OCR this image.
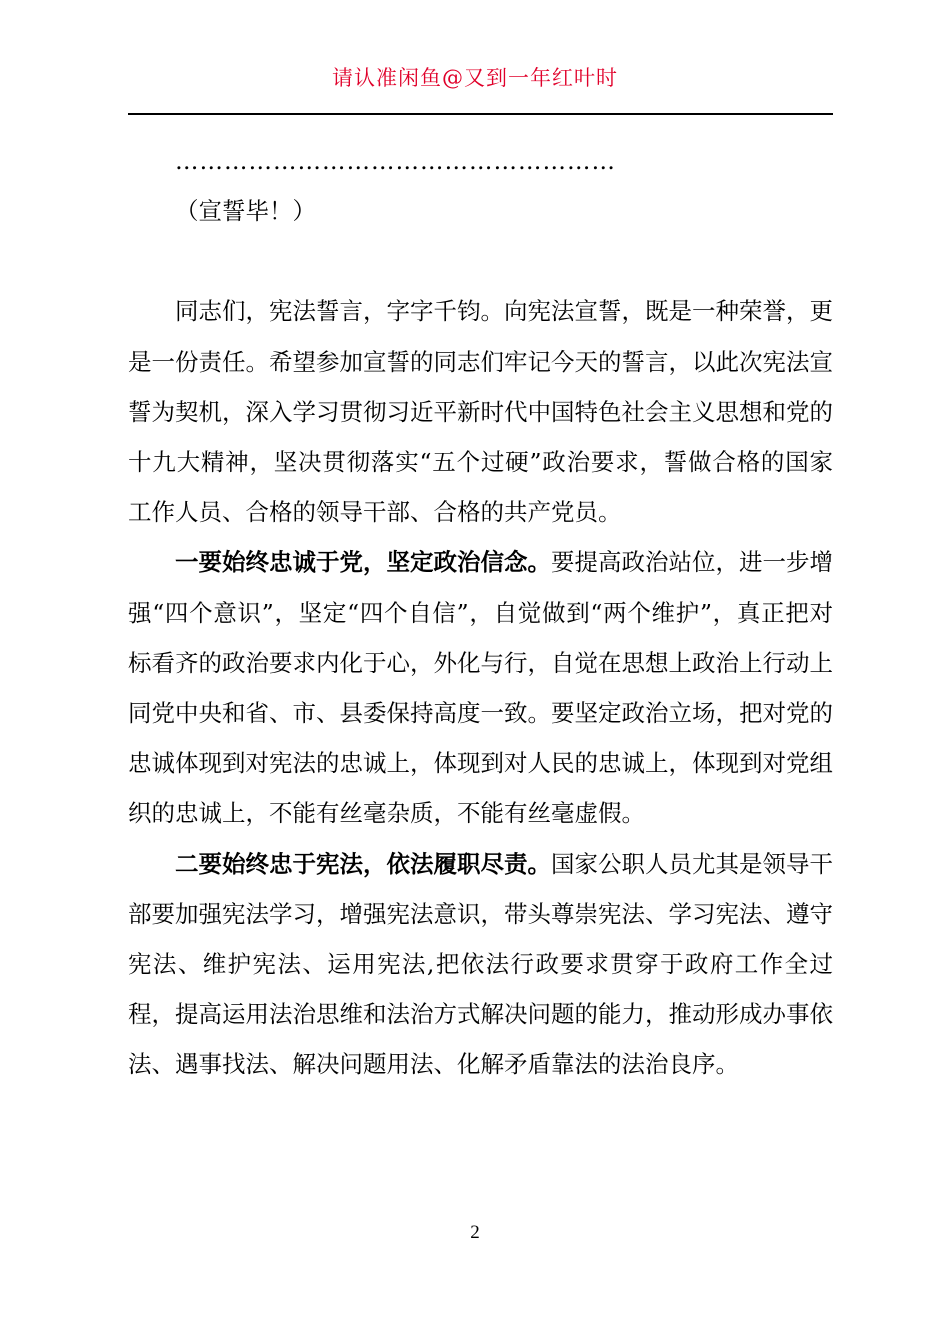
请认准闲鱼@又到一年红叶时

………………………………………………

（宣誓毕！）

同志们，宪法誓言，字字千钧。向宪法宣誓，既是一种荣誉，更是一份责任。希望参加宣誓的同志们牢记今天的誓言，以此次宪法宣誓为契机，深入学习贯彻习近平新时代中国特色社会主义思想和党的十九大精神，坚决贯彻落实“五个过硬”政治要求，誓做合格的国家工作人员、合格的领导干部、合格的共产党员。

一要始终忠诚于党，坚定政治信念。要提高政治站位，进一步增强“四个意识”，坚定“四个自信”，自觉做到“两个维护”，真正把对标看齐的政治要求内化于心，外化与行，自觉在思想上政治上行动上同党中央和省、市、县委保持高度一致。要坚定政治立场，把对党的忠诚体现到对宪法的忠诚上，体现到对人民的忠诚上，体现到对党组织的忠诚上，不能有丝毫杂质，不能有丝毫虚假。

二要始终忠于宪法，依法履职尽责。国家公职人员尤其是领导干部要加强宪法学习，增强宪法意识，带头尊崇宪法、学习宪法、遵守宪法、维护宪法、运用宪法,把依法行政要求贯穿于政府工作全过程，提高运用法治思维和法治方式解决问题的能力，推动形成办事依法、遇事找法、解决问题用法、化解矛盾靠法的法治良序。

2
